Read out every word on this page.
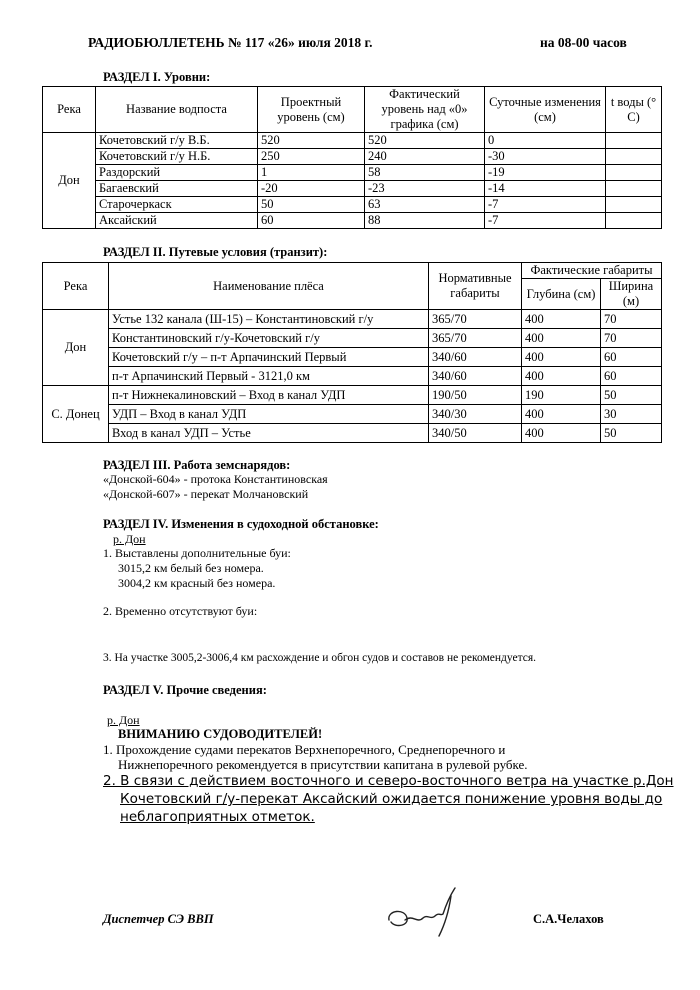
РАДИОБЮЛЛЕТЕНЬ № 117 «26» июля 2018 г.	на 08-00 часов
РАЗДЕЛ I. Уровни:
Река	Название водпоста	Проектный уровень (см)	Фактический уровень над «0» графика (см)	Суточные изменения (см)	t воды (° С)
Дон	Кочетовский г/у В.Б.	520	520	0	
	Кочетовский г/у Н.Б.	250	240	-30	
	Раздорский	1	58	-19	
	Багаевский	-20	-23	-14	
	Старочеркаск	50	63	-7	
	Аксайский	60	88	-7	
РАЗДЕЛ II. Путевые условия (транзит):
Река	Наименование плёса	Нормативные габариты	Фактические габариты	
			Глубина (см)	Ширина (м)
Дон	Устье 132 канала (Ш-15) – Константиновский г/у	365/70	400	70
	Константиновский г/у-Кочетовский г/у	365/70	400	70
	Кочетовский г/у – п-т Арпачинский Первый	340/60	400	60
	п-т Арпачинский Первый - 3121,0 км	340/60	400	60
С. Донец	п-т Нижнекалиновский – Вход в канал УДП	190/50	190	50
	УДП – Вход в канал УДП	340/30	400	30
	Вход в канал УДП – Устье	340/50	400	50
РАЗДЕЛ III. Работа земснарядов:
«Донской-604» - протока Константиновская
«Донской-607» - перекат Молчановский
РАЗДЕЛ IV. Изменения в судоходной обстановке:
р. Дон
1. Выставлены дополнительные буи:
3015,2 км белый без номера.
3004,2 км красный без номера.
2. Временно отсутствуют буи:
3. На участке 3005,2-3006,4 км расхождение и обгон судов и составов не рекомендуется.
РАЗДЕЛ V. Прочие сведения:
р. Дон
ВНИМАНИЮ СУДОВОДИТЕЛЕЙ!
1. Прохождение судами перекатов Верхнепоречного, Среднепоречного и
Нижнепоречного рекомендуется в присутствии капитана в рулевой рубке.
2. В связи с действием восточного и северо-восточного ветра на участке р.Дон
Кочетовский г/у-перекат Аксайский ожидается понижение уровня воды до
неблагоприятных отметок.
Диспетчер СЭ ВВП	С.А.Челахов
